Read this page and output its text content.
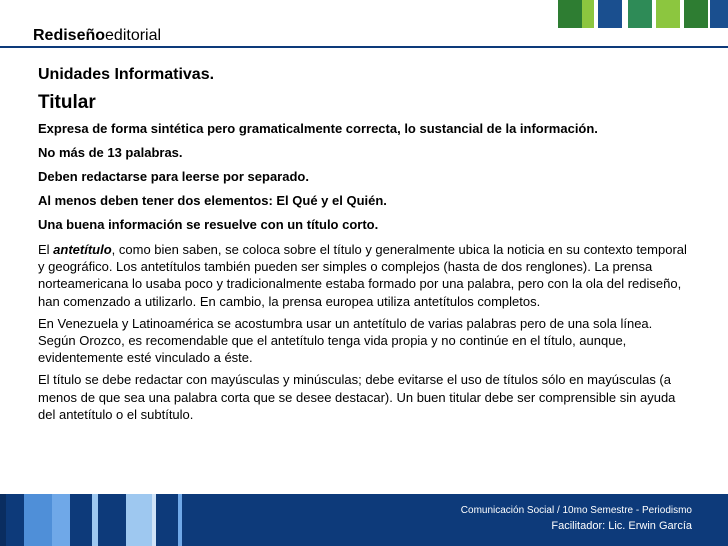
Rediseñoeditorial
Unidades Informativas.
Titular
Expresa de forma sintética pero gramaticalmente correcta, lo sustancial de la información.
No más de 13 palabras.
Deben redactarse para leerse por separado.
Al menos deben tener dos elementos: El Qué y el Quién.
Una buena información se resuelve con un título corto.
El antetítulo, como bien saben, se coloca sobre el título y generalmente ubica la noticia en su contexto temporal y geográfico. Los antetítulos también pueden ser simples o complejos (hasta de dos renglones). La prensa norteamericana lo usaba poco y tradicionalmente estaba formado por una palabra, pero con la ola del rediseño, han comenzado a utilizarlo. En cambio, la prensa europea utiliza antetítulos completos.
En Venezuela y Latinoamérica se acostumbra usar un antetítulo de varias palabras pero de una sola línea. Según Orozco, es recomendable que el antetítulo tenga vida propia y no continúe en el título, aunque, evidentemente esté vinculado a éste.
El título se debe redactar con mayúsculas y minúsculas; debe evitarse el uso de títulos sólo en mayúsculas (a menos de que sea una palabra corta que se desee destacar). Un buen titular debe ser comprensible sin ayuda del antetítulo o el subtítulo.
Comunicación Social / 10mo Semestre - Periodismo
Facilitador: Lic. Erwin García
